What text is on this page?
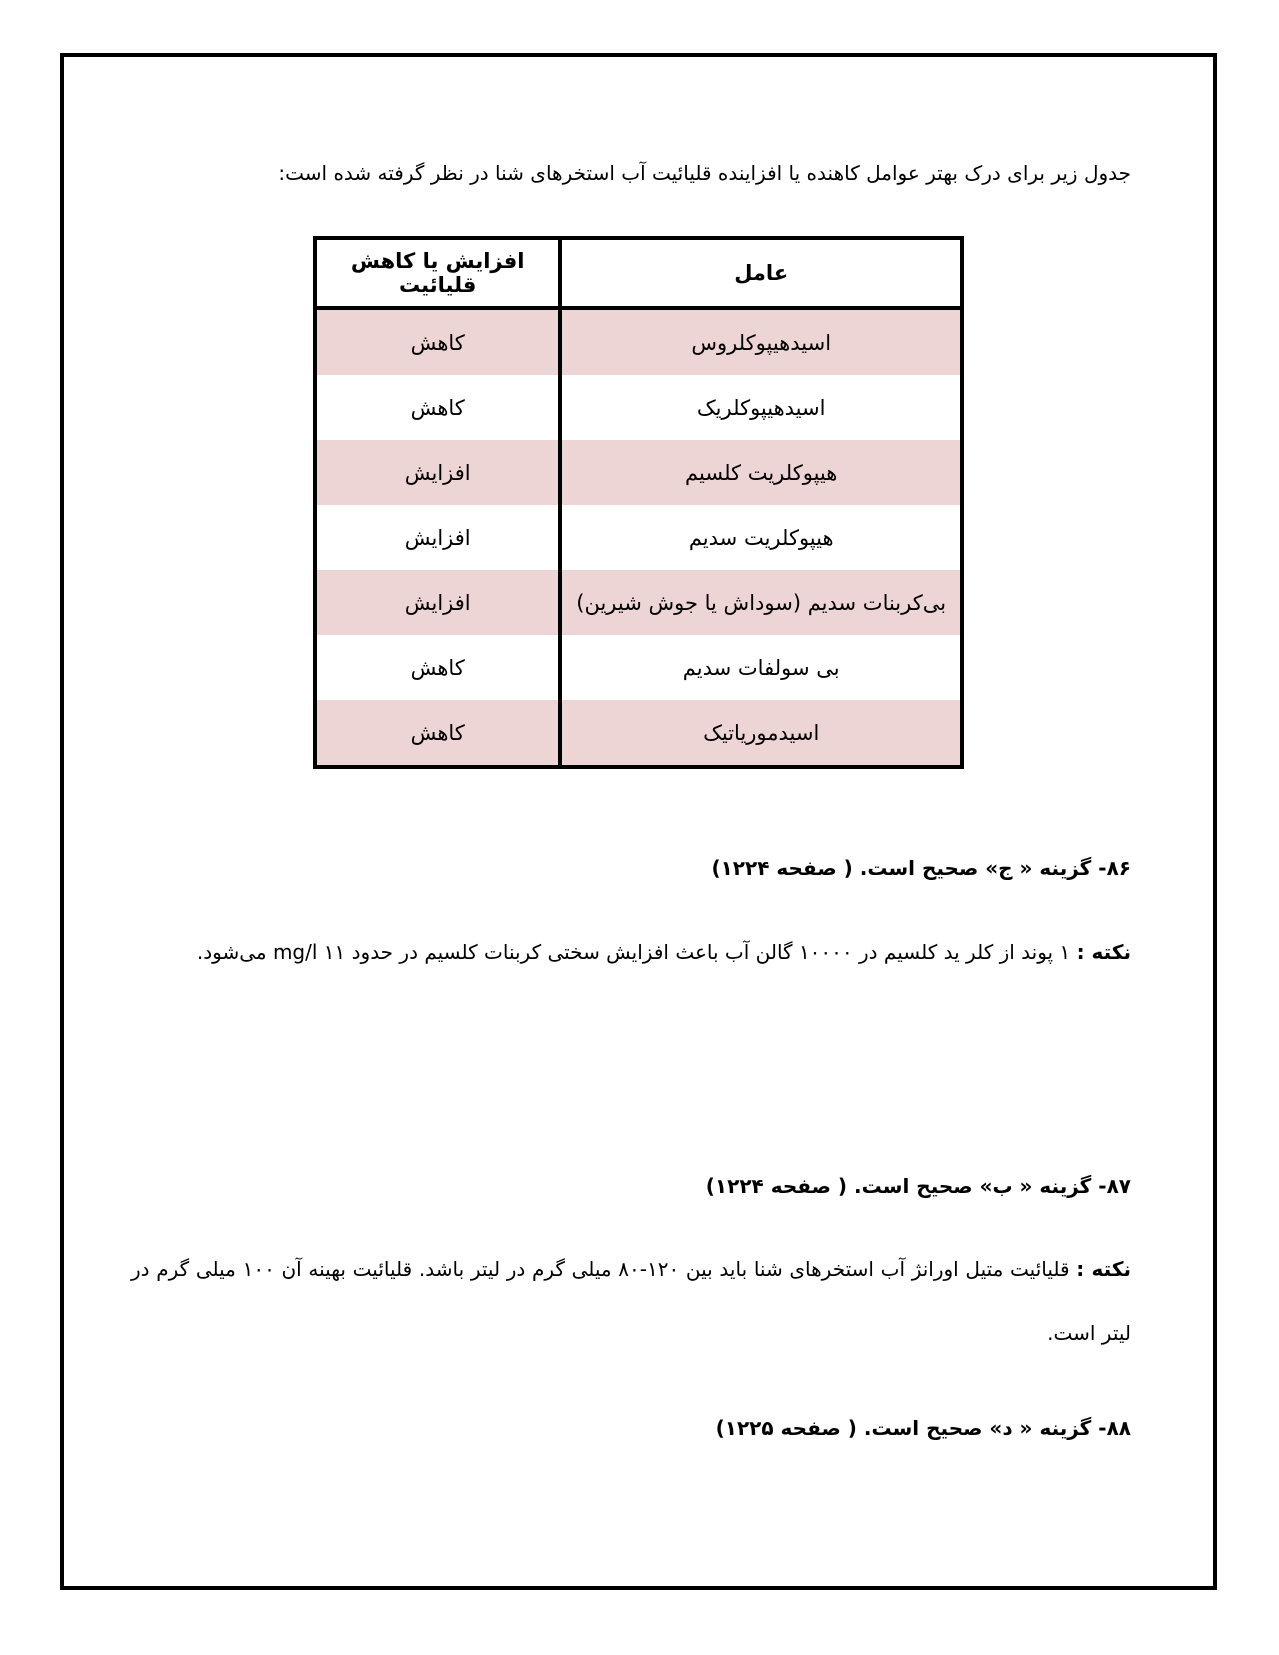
جدول زیر برای درک بهتر عوامل کاهنده یا افزاینده قلیائیت آب استخرهای شنا در نظر گرفته شده است:
عامل	افزایش یا کاهش قلیائیت
اسیدهیپوکلروس	کاهش
اسیدهیپوکلریک	کاهش
هیپوکلریت کلسیم	افزایش
هیپوکلریت سدیم	افزایش
بی‌کربنات سدیم (سوداش یا جوش شیرین)	افزایش
بی سولفات سدیم	کاهش
اسیدموریاتیک	کاهش
۸۶- گزینه « ج» صحیح است. ( صفحه ۱۲۲۴)
نکته : ۱ پوند از کلر ید کلسیم در ۱۰۰۰۰ گالن آب باعث افزایش سختی کربنات کلسیم در حدود mg/l ۱۱ می‌شود.
۸۷- گزینه « ب» صحیح است. ( صفحه ۱۲۲۴)
نکته : قلیائیت متیل اورانژ آب استخرهای شنا باید بین ۱۲۰-۸۰ میلی گرم در لیتر باشد. قلیائیت بهینه آن ۱۰۰ میلی گرم در لیتر است.
۸۸- گزینه « د» صحیح است. ( صفحه ۱۲۲۵)
